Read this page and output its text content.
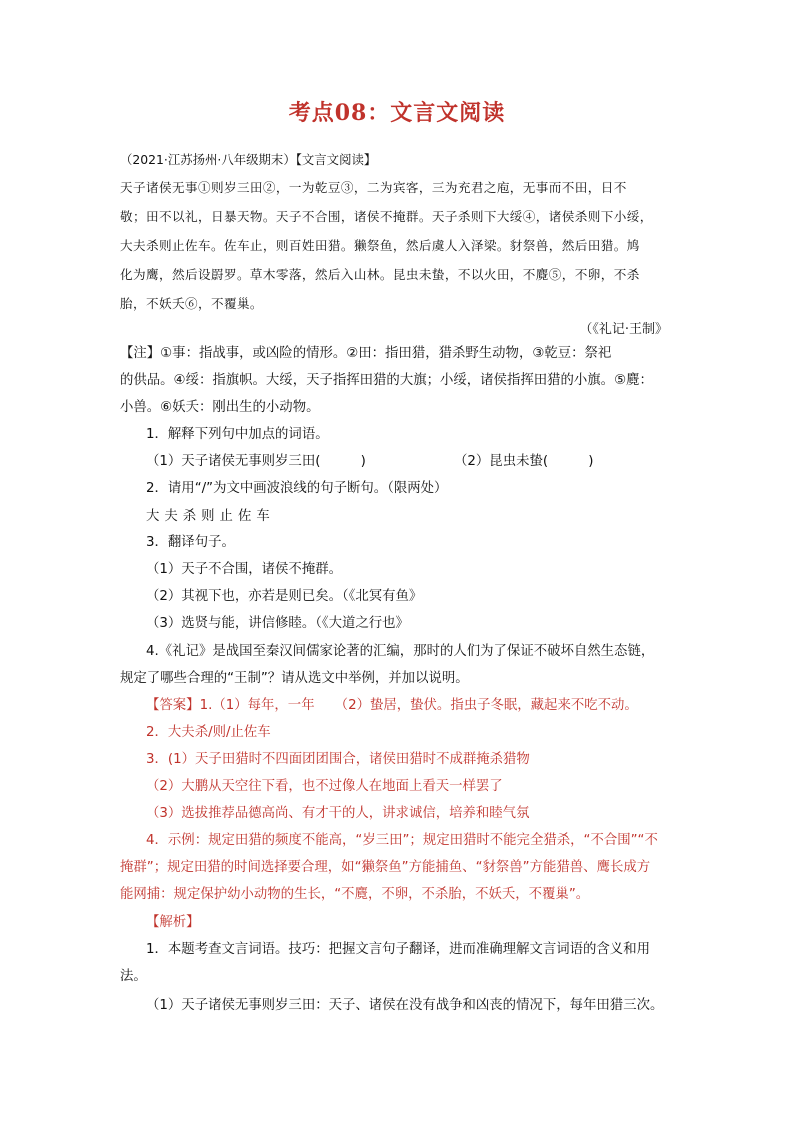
考点08：文言文阅读
（2021·江苏扬州·八年级期末）【文言文阅读】
天子诸侯无事①则岁三田②，一为乾豆③，二为宾客，三为充君之庖，无事而不田，日不
敬；田不以礼，日暴天物。天子不合围，诸侯不掩群。天子杀则下大绥④，诸侯杀则下小绥，
大夫杀则止佐车。佐车止，则百姓田猎。獭祭鱼，然后虞人入泽梁。豺祭兽，然后田猎。鸠
化为鹰，然后设罻罗。草木零落，然后入山林。昆虫未蛰，不以火田，不麑⑤，不卵，不杀
胎，不妖夭⑥，不覆巢。
（《礼记·王制》
【注】①事：指战事，或凶险的情形。②田：指田猎，猎杀野生动物，③乾豆：祭祀
的供品。④绥：指旗帜。大绥，天子指挥田猎的大旗；小绥，诸侯指挥田猎的小旗。⑤麑：
小兽。⑥妖夭：刚出生的小动物。
1．解释下列句中加点的词语。
（1）天子诸侯无事则岁三田(　　　)	（2）昆虫未蛰(　　　)
2．请用“/”为文中画波浪线的句子断句。（限两处）
大夫杀则止佐车
3．翻译句子。
（1）天子不合围，诸侯不掩群。
（2）其视下也，亦若是则已矣。（《北冥有鱼》
（3）选贤与能，讲信修睦。（《大道之行也》
4.《礼记》是战国至秦汉间儒家论著的汇编，那时的人们为了保证不破坏自然生态链，
规定了哪些合理的“王制”？请从选文中举例，并加以说明。
【答案】1.（1）每年，一年　　（2）蛰居，蛰伏。指虫子冬眠，藏起来不吃不动。
2．大夫杀/则/止佐车
3．(1）天子田猎时不四面团团围合，诸侯田猎时不成群掩杀猎物
（2）大鹏从天空往下看，也不过像人在地面上看天一样罢了
（3）选拔推荐品德高尚、有才干的人，讲求诚信，培养和睦气氛
4．示例：规定田猎的频度不能高，“岁三田”；规定田猎时不能完全猎杀，“不合围”“不
掩群”；规定田猎的时间选择要合理，如“獭祭鱼”方能捕鱼、“豺祭兽”方能猎兽、鹰长成方
能网捕：规定保护幼小动物的生长，“不麑，不卵，不杀胎，不妖夭，不覆巢”。
【解析】
1．本题考查文言词语。技巧：把握文言句子翻译，进而准确理解文言词语的含义和用
法。
（1）天子诸侯无事则岁三田：天子、诸侯在没有战争和凶丧的情况下，每年田猎三次。
